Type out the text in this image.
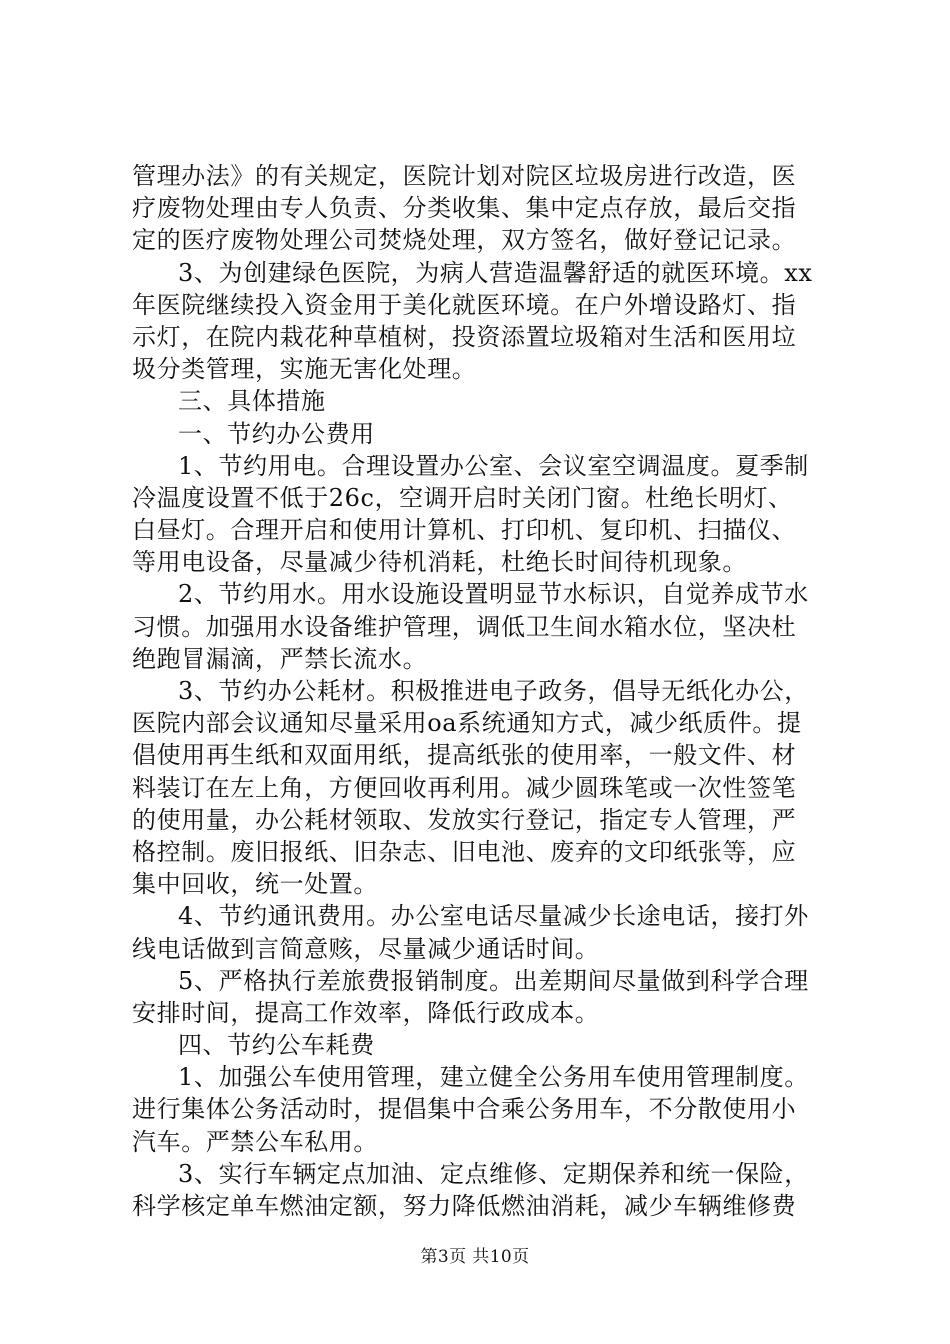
管理办法》的有关规定，医院计划对院区垃圾房进行改造，医
疗废物处理由专人负责、分类收集、集中定点存放，最后交指
定的医疗废物处理公司焚烧处理，双方签名，做好登记记录。
3、为创建绿色医院，为病人营造温馨舒适的就医环境。xx
年医院继续投入资金用于美化就医环境。在户外增设路灯、指
示灯，在院内栽花种草植树，投资添置垃圾箱对生活和医用垃
圾分类管理，实施无害化处理。
三、具体措施
一、节约办公费用
1、节约用电。合理设置办公室、会议室空调温度。夏季制
冷温度设置不低于26c，空调开启时关闭门窗。杜绝长明灯、
白昼灯。合理开启和使用计算机、打印机、复印机、扫描仪、
等用电设备，尽量减少待机消耗，杜绝长时间待机现象。
2、节约用水。用水设施设置明显节水标识，自觉养成节水
习惯。加强用水设备维护管理，调低卫生间水箱水位，坚决杜
绝跑冒漏滴，严禁长流水。
3、节约办公耗材。积极推进电子政务，倡导无纸化办公，
医院内部会议通知尽量采用oa系统通知方式，减少纸质件。提
倡使用再生纸和双面用纸，提高纸张的使用率，一般文件、材
料装订在左上角，方便回收再利用。减少圆珠笔或一次性签笔
的使用量，办公耗材领取、发放实行登记，指定专人管理，严
格控制。废旧报纸、旧杂志、旧电池、废弃的文印纸张等，应
集中回收，统一处置。
4、节约通讯费用。办公室电话尽量减少长途电话，接打外
线电话做到言简意赅，尽量减少通话时间。
5、严格执行差旅费报销制度。出差期间尽量做到科学合理
安排时间，提高工作效率，降低行政成本。
四、节约公车耗费
1、加强公车使用管理，建立健全公务用车使用管理制度。
进行集体公务活动时，提倡集中合乘公务用车，不分散使用小
汽车。严禁公车私用。
3、实行车辆定点加油、定点维修、定期保养和统一保险，
科学核定单车燃油定额，努力降低燃油消耗，减少车辆维修费
第3页 共10页
